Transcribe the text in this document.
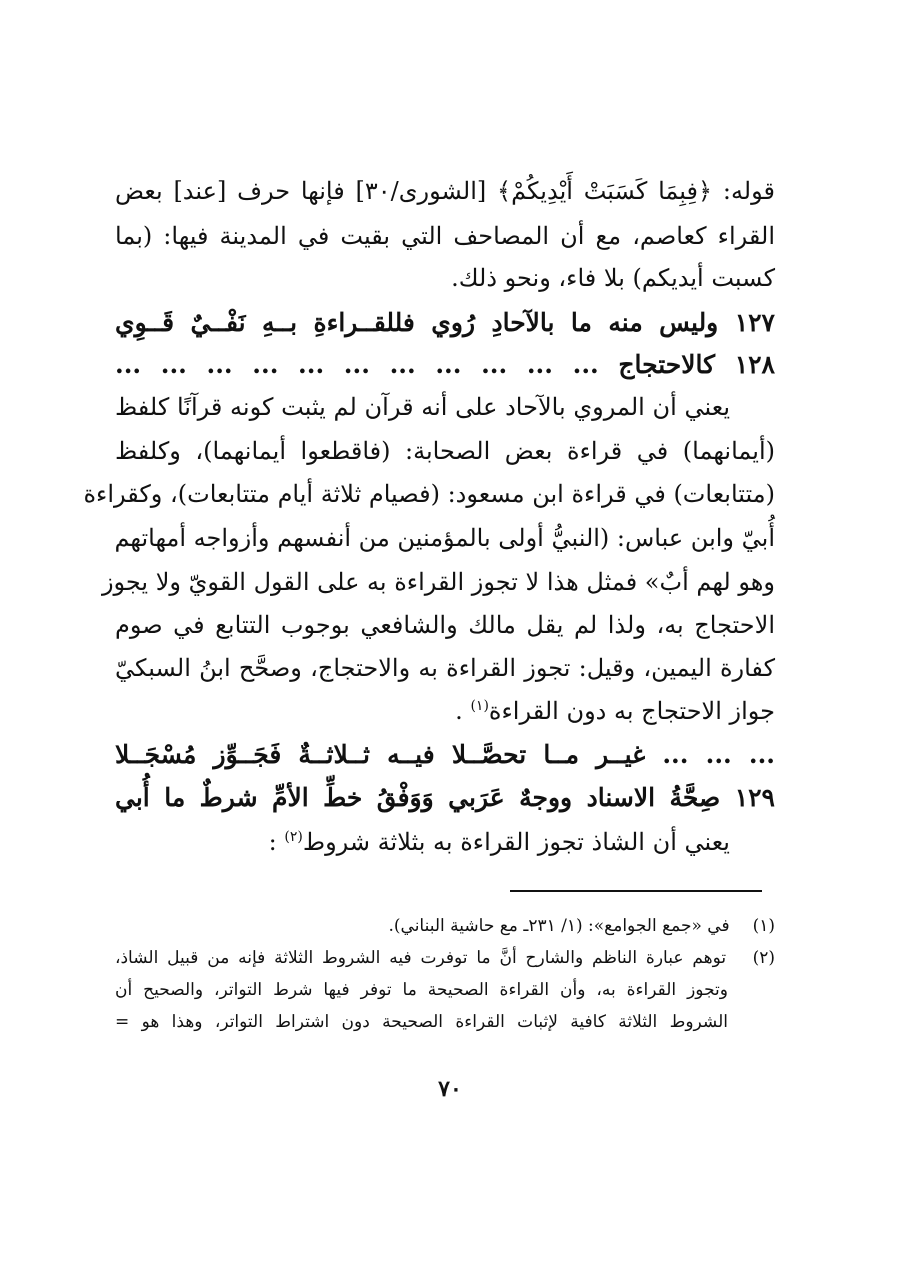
قوله: ﴿فِبِمَا كَسَبَتْ أَيْدِيكُمْ﴾ [الشورى/٣٠] فإنها حرف [عند] بعض
القراء كعاصم، مع أن المصاحف التي بقيت في المدينة فيها: (بما
كسبت أيديكم) بلا فاء، ونحو ذلك.
١٢٧ وليس منه ما بالآحادِ رُوي فللقــراءةِ بــهِ نَفْــيٌ قَــوِي
١٢٨ كالاحتجاج ... ... ... ... ... ... ... ... ... ... ...
يعني أن المروي بالآحاد على أنه قرآن لم يثبت كونه قرآنًا كلفظ
(أيمانهما) في قراءة بعض الصحابة: (فاقطعوا أيمانهما)، وكلفظ
(متتابعات) في قراءة ابن مسعود: (فصيام ثلاثة أيام متتابعات)، وكقراءة
أُبيّ وابن عباس: (النبيُّ أولى بالمؤمنين من أنفسهم وأزواجه أمهاتهم
وهو لهم أبٌ» فمثل هذا لا تجوز القراءة به على القول القويّ ولا يجوز
الاحتجاج به، ولذا لم يقل مالك والشافعي بوجوب التتابع في صوم
كفارة اليمين، وقيل: تجوز القراءة به والاحتجاج، وصحَّح ابنُ السبكيّ
جواز الاحتجاج به دون القراءة$^{(١)}$ .
... ... ... غيــر مــا تحصَّــلا فيــه ثــلاثــةٌ فَجَــوِّز مُسْجَــلا
١٢٩ صِحَّةُ الاسناد ووجهٌ عَرَبي وَوَفْقُ خطِّ الأمِّ شرطٌ ما أُبي
يعني أن الشاذ تجوز القراءة به بثلاثة شروط$^{(٢)}$ :
(١) في «جمع الجوامع»: (١/ ٢٣١ـ مع حاشية البناني).
(٢) توهم عبارة الناظم والشارح أنَّ ما توفرت فيه الشروط الثلاثة فإنه من قبيل الشاذ،
وتجوز القراءة به، وأن القراءة الصحيحة ما توفر فيها شرط التواتر، والصحيح أن
الشروط الثلاثة كافية لإثبات القراءة الصحيحة دون اشتراط التواتر، وهذا هو =
٧٠
